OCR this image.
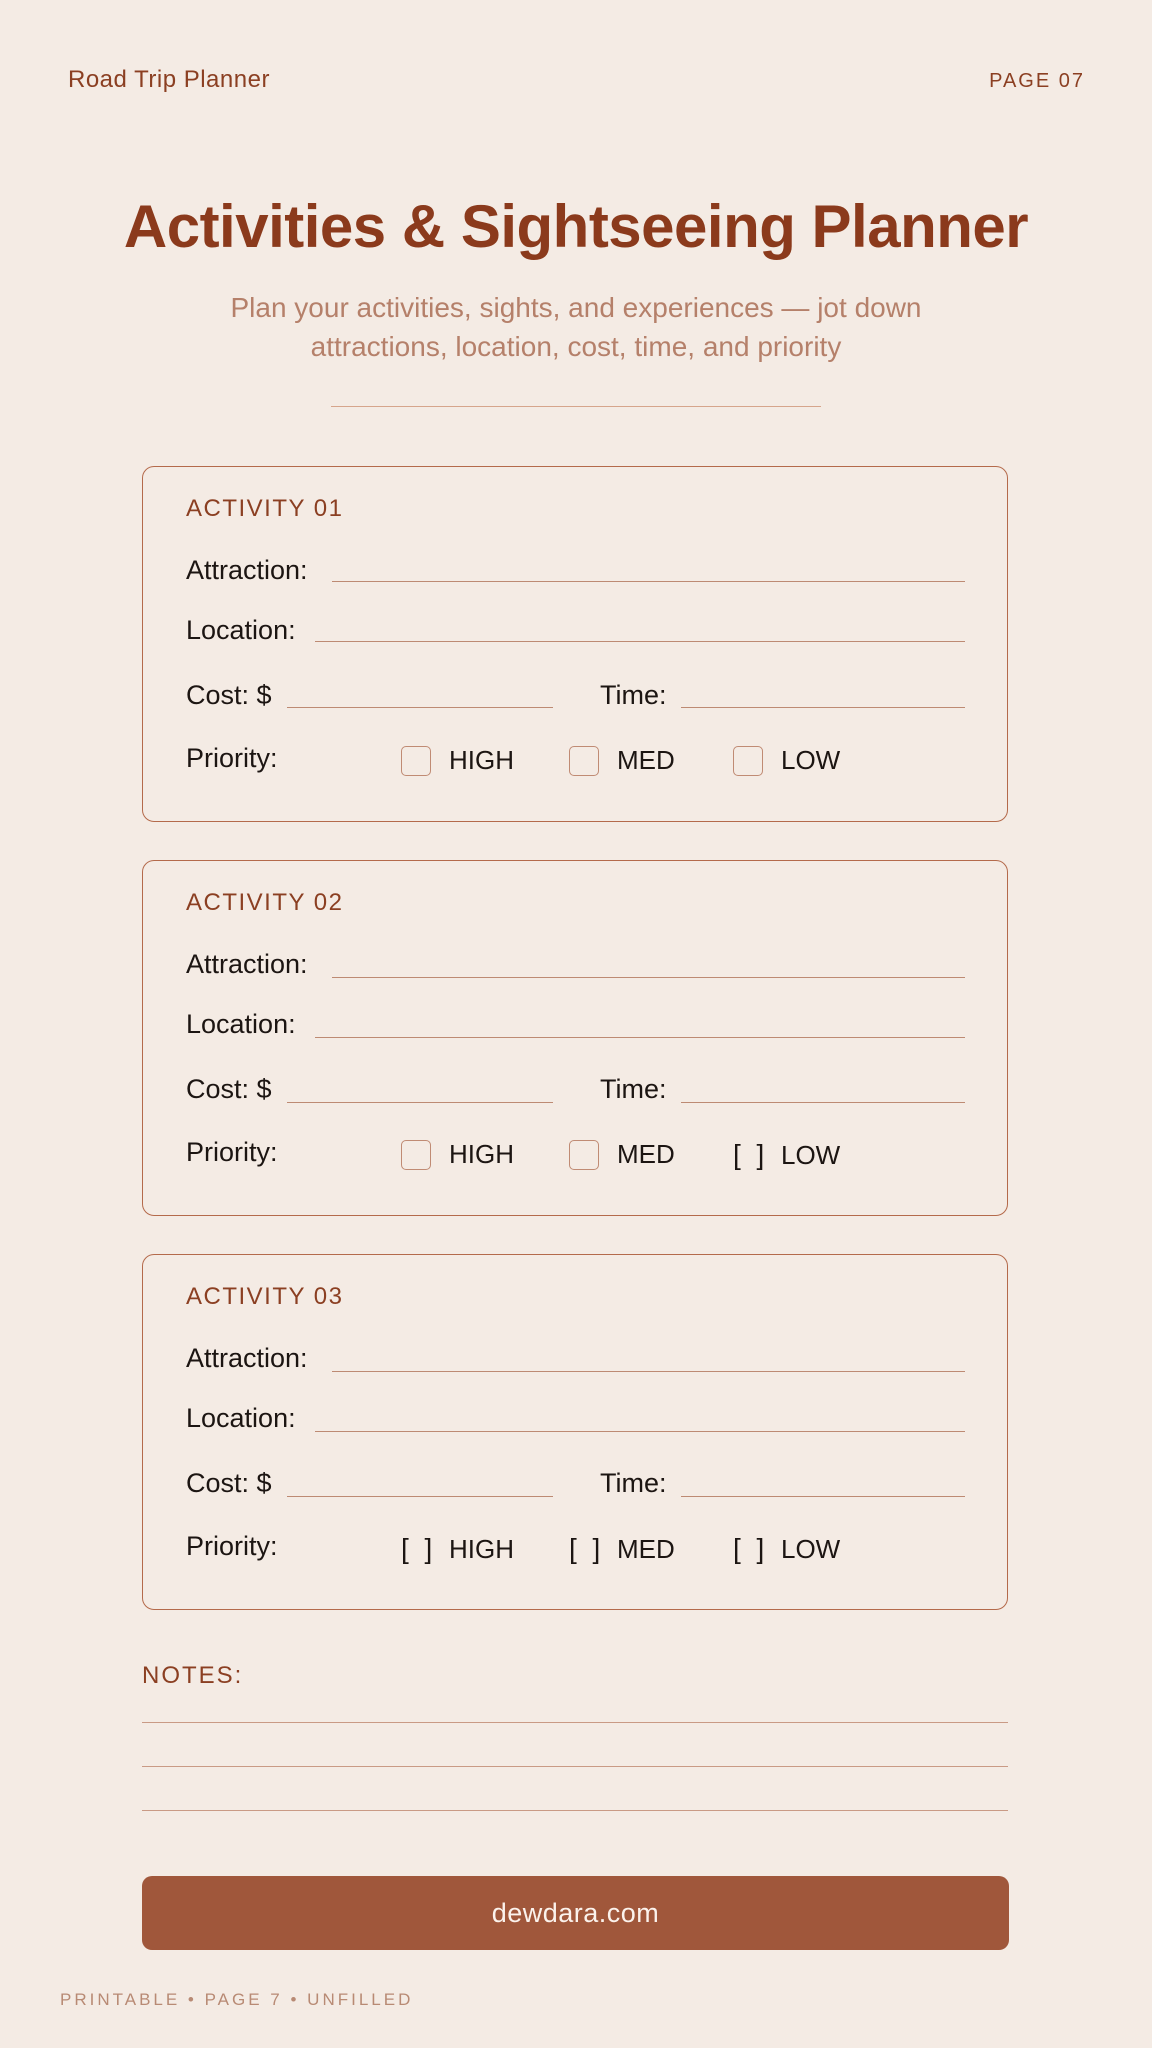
Road Trip Planner	PAGE 07
Activities & Sightseeing Planner
Plan your activities, sights, and experiences — jot down
attractions, location, cost, time, and priority
ACTIVITY 01
Attraction:
Location:
Cost: $	Time:
Priority:	HIGH	MED	LOW
ACTIVITY 02
Attraction:
Location:
Cost: $	Time:
Priority:	HIGH	MED [ ] LOW
ACTIVITY 03
Attraction:
Location:
Cost: $	Time:
Priority:	[ ] HIGH [ ] MED [ ] LOW
NOTES:
dewdara.com
PRINTABLE • PAGE 7 • UNFILLED
